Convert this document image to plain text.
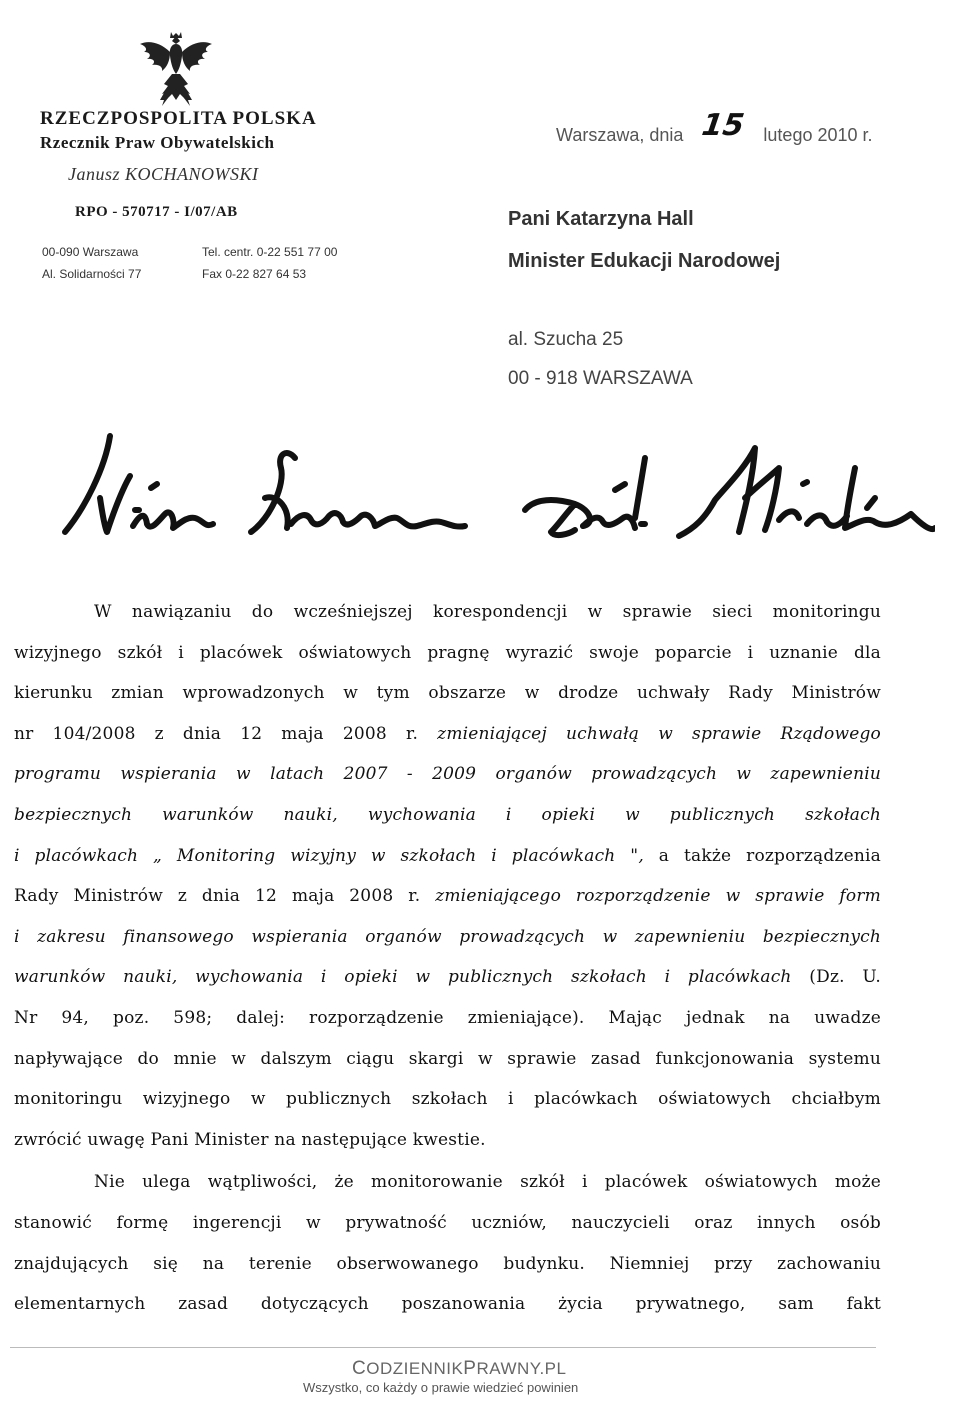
RZECZPOSPOLITA POLSKA
Rzecznik Praw Obywatelskich
Janusz KOCHANOWSKI
RPO - 570717 - I/07/AB
00-090 Warszawa	Tel. centr. 0-22 551 77 00
Al. Solidarności 77	Fax 0-22 827 64 53
Warszawa, dnia 15 lutego 2010 r.
Pani Katarzyna Hall
Minister Edukacji Narodowej
al. Szucha 25
00 - 918 WARSZAWA

W nawiązaniu do wcześniejszej korespondencji w sprawie sieci monitoringu

wizyjnego szkół i placówek oświatowych pragnę wyrazić swoje poparcie i uznanie dla

kierunku zmian wprowadzonych w tym obszarze w drodze uchwały Rady Ministrów

nr 104/2008 z dnia 12 maja 2008 r. zmieniającej uchwałą w sprawie Rządowego

programu wspierania w latach 2007 - 2009 organów prowadzących w zapewnieniu

bezpiecznych warunków nauki, wychowania i opieki w publicznych szkołach

i placówkach „ Monitoring wizyjny w szkołach i placówkach ", a także rozporządzenia

Rady Ministrów z dnia 12 maja 2008 r. zmieniającego rozporządzenie w sprawie form

i zakresu finansowego wspierania organów prowadzących w zapewnieniu bezpiecznych

warunków nauki, wychowania i opieki w publicznych szkołach i placówkach (Dz. U.

Nr 94, poz. 598; dalej: rozporządzenie zmieniające). Mając jednak na uwadze

napływające do mnie w dalszym ciągu skargi w sprawie zasad funkcjonowania systemu

monitoringu wizyjnego w publicznych szkołach i placówkach oświatowych chciałbym

zwrócić uwagę Pani Minister na następujące kwestie.

Nie ulega wątpliwości, że monitorowanie szkół i placówek oświatowych może

stanowić formę ingerencji w prywatność uczniów, nauczycieli oraz innych osób

znajdujących się na terenie obserwowanego budynku. Niemniej przy zachowaniu

elementarnych zasad dotyczących poszanowania życia prywatnego, sam fakt

CODZIENNIKPRAWNY.PL
Wszystko, co każdy o prawie wiedzieć powinien
